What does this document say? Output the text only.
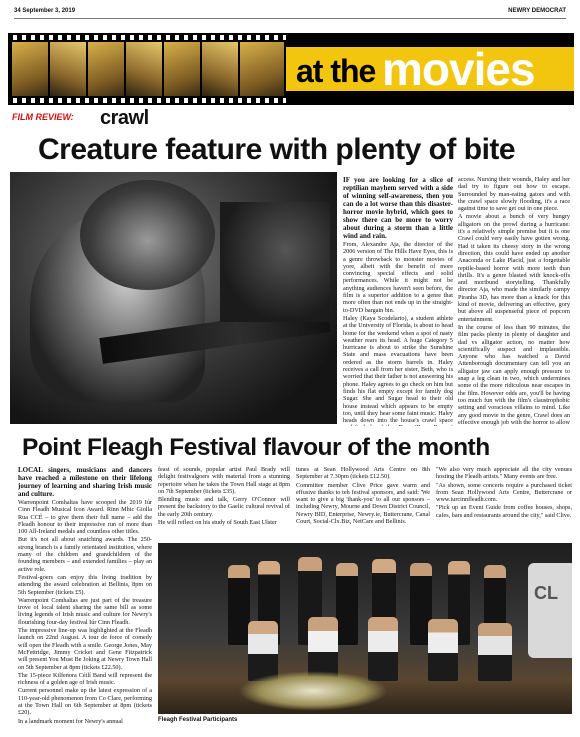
34 September 3, 2019	NEWRY DEMOCRAT
at the movies
FILM REVIEW: crawl
Creature feature with plenty of bite

IF you are looking for a slice of reptilian mayhem served with a side of winning self-awareness, then you can do a lot worse than this disaster-horror movie hybrid, which goes to show there can be more to worry about during a storm than a little wind and rain.

From, Alexandre Aja, the director of the 2006 version of The Hills Have Eyes, this is a genre throwback to monster movies of yore, albeit with the benefit of more convincing special effects and solid performances. While it might not be anything audiences haven't seen before, the film is a superior addition to a genre that more often than not ends up in the straight-to-DVD bargain bin.

Haley (Kaya Scodelario), a student athlete at the University of Florida, is about to head home for the weekend when a spot of nasty weather rears its head. A huge Category 5 hurricane is about to strike the Sunshine State and mass evacuations have been ordered as the storm barrels in. Haley receives a call from her sister, Beth, who is worried that their father is not answering his phone. Haley agrees to go check on him but finds his flat empty except for family dog Sugar. She and Sugar head to their old house instead which appears to be empty too, until they hear some faint music. Haley heads down into the house's crawl space

access. Nursing their wounds, Haley and her dad try to figure out how to escape. Surrounded by man-eating gators and with the crawl space slowly flooding, it's a race against time to save get out in one piece.

A movie about a bunch of very hungry alligators on the prowl during a hurricane: it's a relatively simple premise but it is one Crawl could very easily have gotten wrong. Had it taken its cheesy story in the wrong direction, this could have ended up another Anaconda or Lake Placid, just a forgettable reptile-based horror with more teeth than thrills. It's a genre blasted with knock-offs and moribund storytelling. Thankfully director Aja, who made the similarly campy Piranha 3D, has more than a knack for this kind of movie, delivering an effective, gory but above all suspenseful piece of popcorn entertainment.

In the course of less than 90 minutes, the film packs plenty in plenty of daughter and dad vs alligator action, no matter how scientifically suspect and implausible. Anyone who has watched a David Attenborough documentary can tell you an alligator jaw can apply enough pressure to snap a leg clean in two, which undermines some of the more ridiculous near escapes in the film. However odds are, you'll be having too much fun with the film's claustrophobic setting and voracious villains to mind. Like any good movie in the genre, Crawl does an effective enough job with the horror to allow

Point Fleagh Festival flavour of the month

LOCAL singers, musicians and dancers have reached a milestone on their lifelong journey of learning and sharing Irish music and culture.

Warrenpoint Comhaltas have scooped the 2019 Iúr Cinn Fleadh Musical Icon Award. Rinn Mhic Giolla Rua CCÉ – to give them their full name – add the Fleadh honour to their impressive run of more than 100 All-Ireland medals and countless other titles.

But it's not all about snatching awards. The 250-strong branch is a family orientated institution, where many of the children and grandchildren of the founding members – and extended families – play an active role.

Festival-goers can enjoy this living tradition by attending the award celebration at Bellinis, 8pm on 5th September (tickets £5).

Warrenpoint Comhaltas are just part of the treasure trove of local talent sharing the same bill as some living legends of Irish music and culture for Newry's flourishing four-day festival Iúr Cinn Fleadh.

The impressive line-up was highlighted at the Fleadh launch on 22nd August. A tour de force of comedy will open the Fleadh with a smile. George Jones, May McFettridge, Jimmy Cricket and Gene Fitzpatrick will present You Must Be Joking at Newry Town Hall on 5th September at 8pm (tickets £22.50).

The 15-piece Kilfenora Céilí Band will represent the richness of a golden age of Irish music.

Current personnel make up the latest expression of a 110-year-old phenomenon from Co Clare, performing at the Town Hall on 6th September at 8pm (tickets £20).

In a landmark moment for Newry's annual

feast of sounds, popular artist Paul Brady will delight festivalgoers with material from a stunning repertoire when he takes the Town Hall stage at 8pm on 7th September (tickets £35).

Blending music and talk, Gerry O'Connor will present the backstory to the Gaelic cultural revival of the early 20th century.

He will reflect on his study of South East Ulster

tunes at Sean Hollywood Arts Centre on 8th September at 7.30pm (tickets £12.50).

Committee member Clive Price gave warm and effusive thanks to teh festival sponsors, and said: 'We want to give a big 'thank-you' to all our sponsors – including Newry, Mourne and Down District Council, Newry BID, Enterprise, Newry.ie, Buttercrane, Canal Court, Social-Clx.Biz, NetCare and Bellinis.

"We also very much appreciate all the city venues hosting the Fleadh artists." Many events are free.

"As shown, some concerts require a purchased ticket from Sean Hollywood Arts Centre, Buttercrane or www.iurcinnfleadh.com.

"Pick up an Event Guide from coffee houses, shops, cafes, bars and restaurants around the city," said Clive.

CL
Fleagh Festival Participants
